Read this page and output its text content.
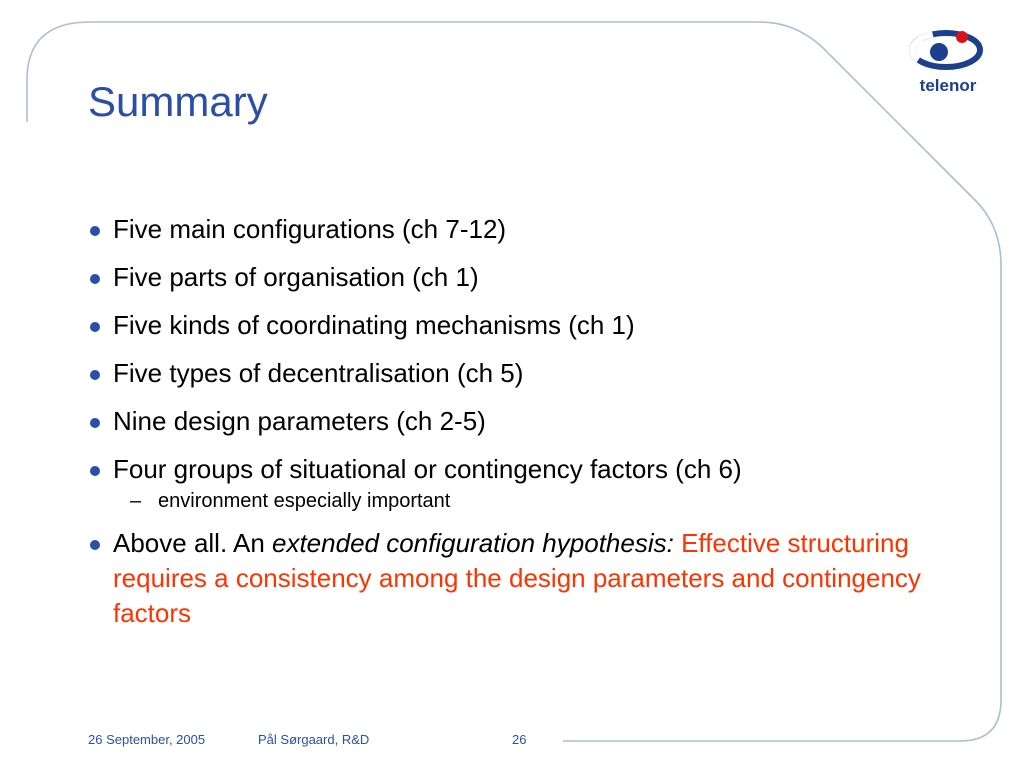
Summary	telenor
Five main configurations (ch 7-12)
Five parts of organisation (ch 1)
Five kinds of coordinating mechanisms (ch 1)
Five types of decentralisation (ch 5)
Nine design parameters (ch 2-5)
Four groups of situational or contingency factors (ch 6)
– environment especially important
Above all. An extended configuration hypothesis: Effective structuring requires a consistency among the design parameters and contingency factors
26 September, 2005	Pål Sørgaard, R&D	26
